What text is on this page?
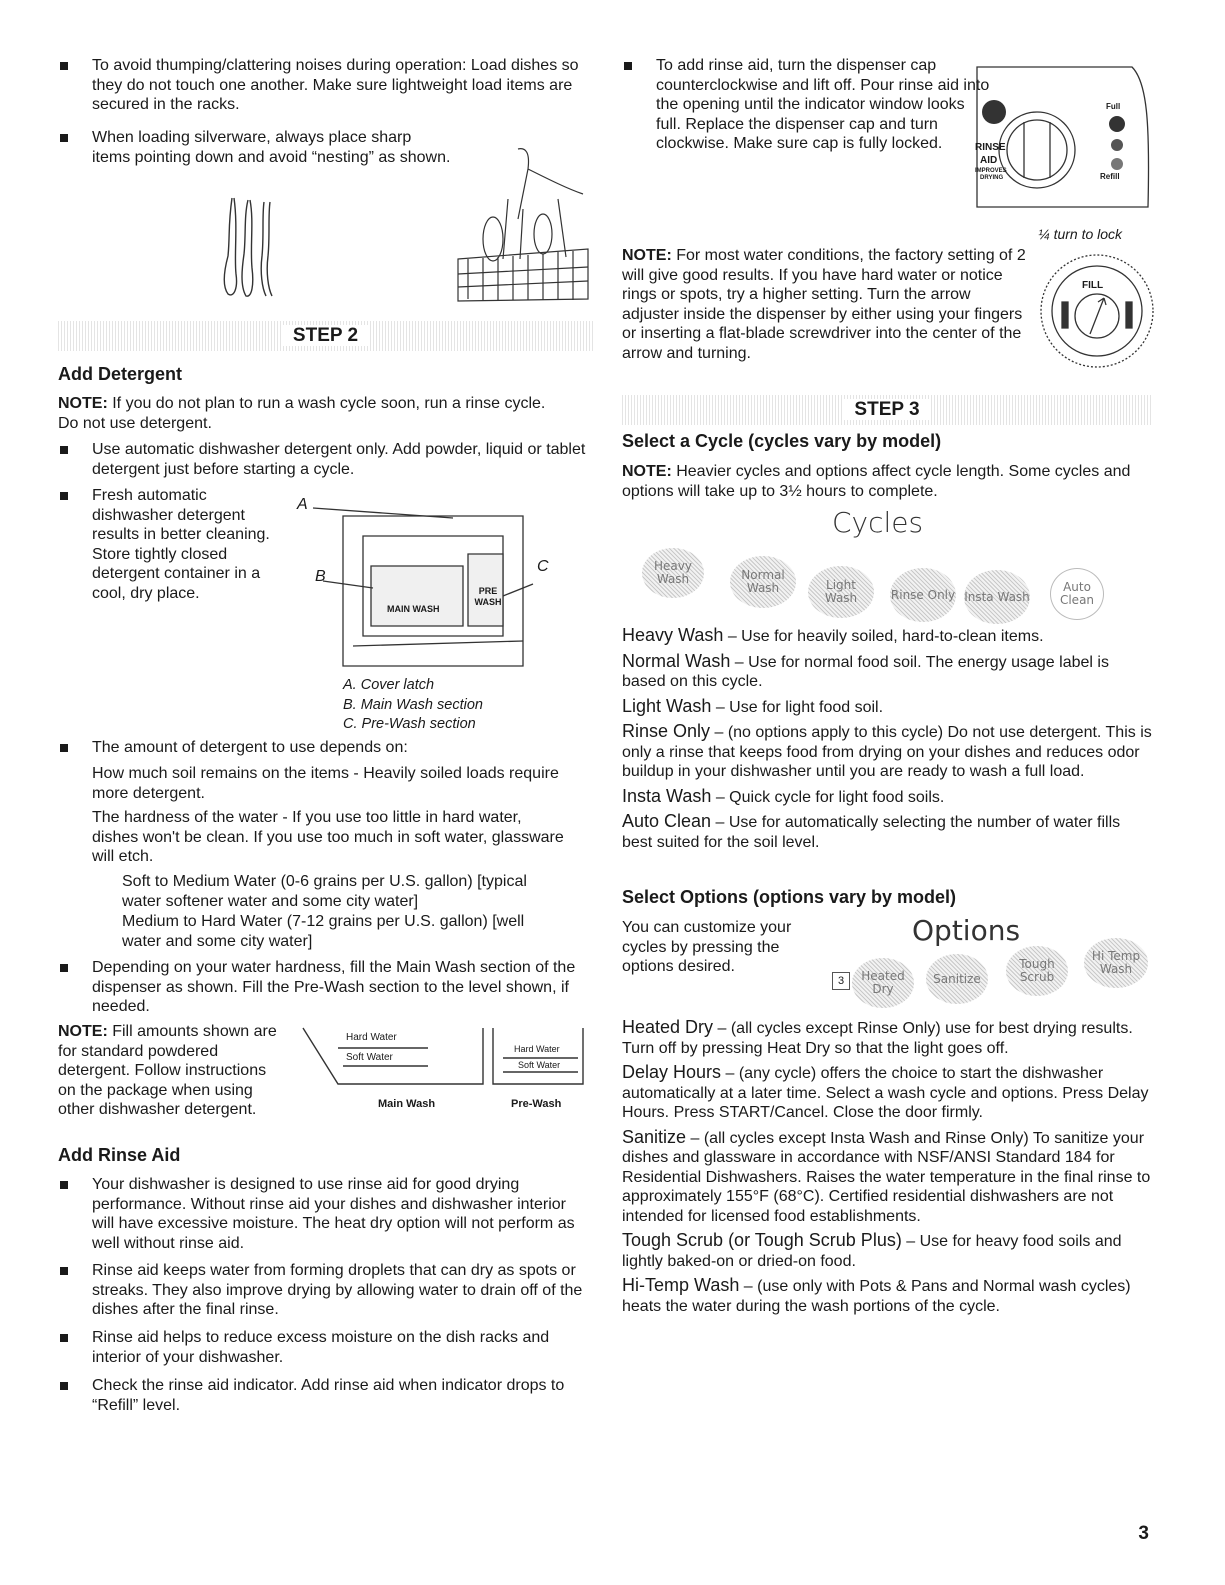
To avoid thumping/clattering noises during operation: Load dishes so they do not touch one another. Make sure lightweight load items are secured in the racks.

When loading silverware, always place sharp items pointing down and avoid “nesting” as shown.

STEP 2

Add Detergent

NOTE: If you do not plan to run a wash cycle soon, run a rinse cycle. Do not use detergent.

Use automatic dishwasher detergent only. Add powder, liquid or tablet detergent just before starting a cycle.

Fresh automatic dishwasher detergent results in better cleaning. Store tightly closed detergent container in a cool, dry place.

A
B
C
MAIN WASH
PRE WASH

A. Cover latch

B. Main Wash section

C. Pre-Wash section

The amount of detergent to use depends on:

How much soil remains on the items - Heavily soiled loads require more detergent.

The hardness of the water - If you use too little in hard water, dishes won't be clean. If you use too much in soft water, glassware will etch.

Soft to Medium Water (0-6 grains per U.S. gallon) [typical water softener water and some city water]

Medium to Hard Water (7-12 grains per U.S. gallon) [well water and some city water]

Depending on your water hardness, fill the Main Wash section of the dispenser as shown. Fill the Pre-Wash section to the level shown, if needed.

NOTE: Fill amounts shown are for standard powdered detergent. Follow instructions on the package when using other dishwasher detergent.

Hard Water
Soft Water
Hard Water
Soft Water
Main Wash	Pre-Wash

Add Rinse Aid

Your dishwasher is designed to use rinse aid for good drying performance. Without rinse aid your dishes and dishwasher interior will have excessive moisture. The heat dry option will not perform as well without rinse aid.

Rinse aid keeps water from forming droplets that can dry as spots or streaks. They also improve drying by allowing water to drain off of the dishes after the final rinse.

Rinse aid helps to reduce excess moisture on the dish racks and interior of your dishwasher.

Check the rinse aid indicator. Add rinse aid when indicator drops to “Refill” level.

To add rinse aid, turn the dispenser cap counterclockwise and lift off. Pour rinse aid into the opening until the indicator window looks full. Replace the dispenser cap and turn clockwise. Make sure cap is fully locked.

Full
Refill
RINSE
AID
IMPROVES
DRYING
¼ turn to lock

NOTE: For most water conditions, the factory setting of 2 will give good results. If you have hard water or notice rings or spots, try a higher setting. Turn the arrow adjuster inside the dispenser by either using your fingers or inserting a flat-blade screwdriver into the center of the arrow and turning.

FILL
STEP 3

Select a Cycle (cycles vary by model)

NOTE: Heavier cycles and options affect cycle length. Some cycles and options will take up to 3½ hours to complete.

Cycles
Heavy Wash	Normal Wash	Light Wash	Rinse Only Insta Wash
Auto Clean

Heavy Wash – Use for heavily soiled, hard-to-clean items.

Normal Wash – Use for normal food soil. The energy usage label is based on this cycle.

Light Wash – Use for light food soil.

Rinse Only – (no options apply to this cycle) Do not use detergent. This is only a rinse that keeps food from drying on your dishes and reduces odor buildup in your dishwasher until you are ready to wash a full load.

Insta Wash – Quick cycle for light food soils.

Auto Clean – Use for automatically selecting the number of water fills best suited for the soil level.

Select Options (options vary by model)

You can customize your cycles by pressing the options desired.

Options
3	Heated Dry
Sanitize
Tough Scrub
Hi Temp Wash

Heated Dry – (all cycles except Rinse Only) use for best drying results. Turn off by pressing Heat Dry so that the light goes off.

Delay Hours – (any cycle) offers the choice to start the dishwasher automatically at a later time. Select a wash cycle and options. Press Delay Hours. Press START/Cancel. Close the door firmly.

Sanitize – (all cycles except Insta Wash and Rinse Only) To sanitize your dishes and glassware in accordance with NSF/ANSI Standard 184 for Residential Dishwashers. Raises the water temperature in the final rinse to approximately 155°F (68°C). Certified residential dishwashers are not intended for licensed food establishments.

Tough Scrub (or Tough Scrub Plus) – Use for heavy food soils and lightly baked-on or dried-on food.

Hi-Temp Wash – (use only with Pots & Pans and Normal wash cycles) heats the water during the wash portions of the cycle.

3
